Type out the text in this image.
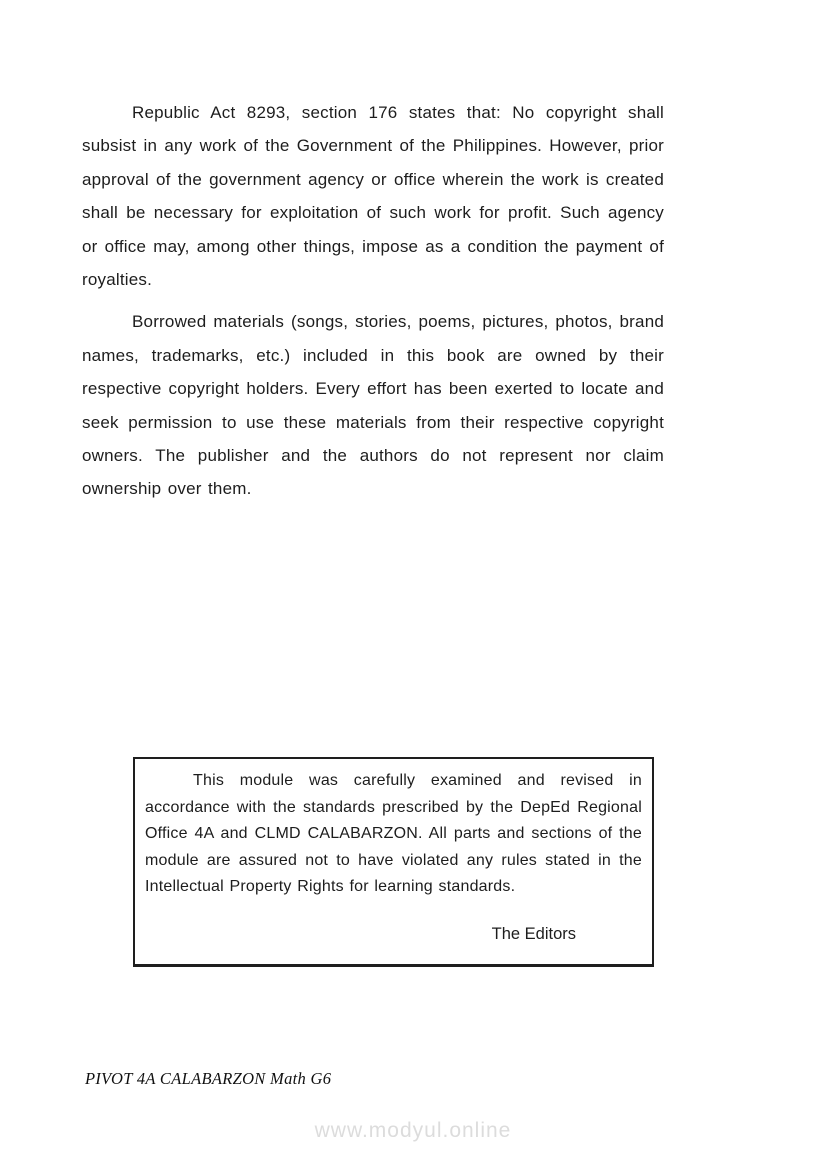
Republic Act 8293, section 176 states that: No copyright shall subsist in any work of the Government of the Philippines. However, prior approval of the government agency or office wherein the work is created shall be necessary for exploitation of such work for profit. Such agency or office may, among other things, impose as a condition the payment of royalties.

Borrowed materials (songs, stories, poems, pictures, photos, brand names, trademarks, etc.) included in this book are owned by their respective copyright holders. Every effort has been exerted to locate and seek permission to use these materials from their respective copyright owners. The publisher and the authors do not represent nor claim ownership over them.

This module was carefully examined and revised in accordance with the standards prescribed by the DepEd Regional Office 4A and CLMD CALABARZON. All parts and sections of the module are assured not to have violated any rules stated in the Intellectual Property Rights for learning standards.

The Editors
PIVOT 4A CALABARZON Math G6
www.modyul.online
